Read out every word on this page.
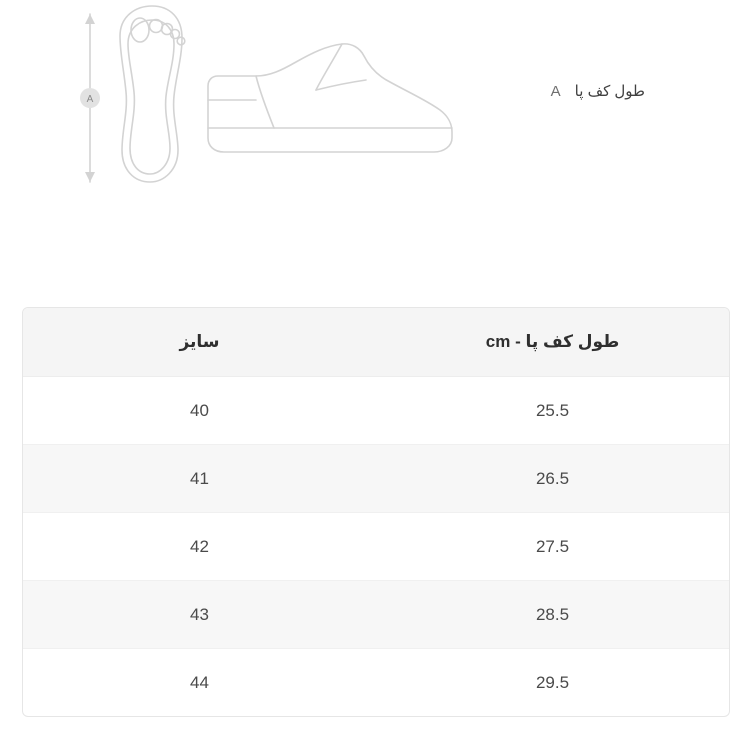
A	طول کف پا
A
طول کف پا - cm	سایز
25.5	40
26.5	41
27.5	42
28.5	43
29.5	44
